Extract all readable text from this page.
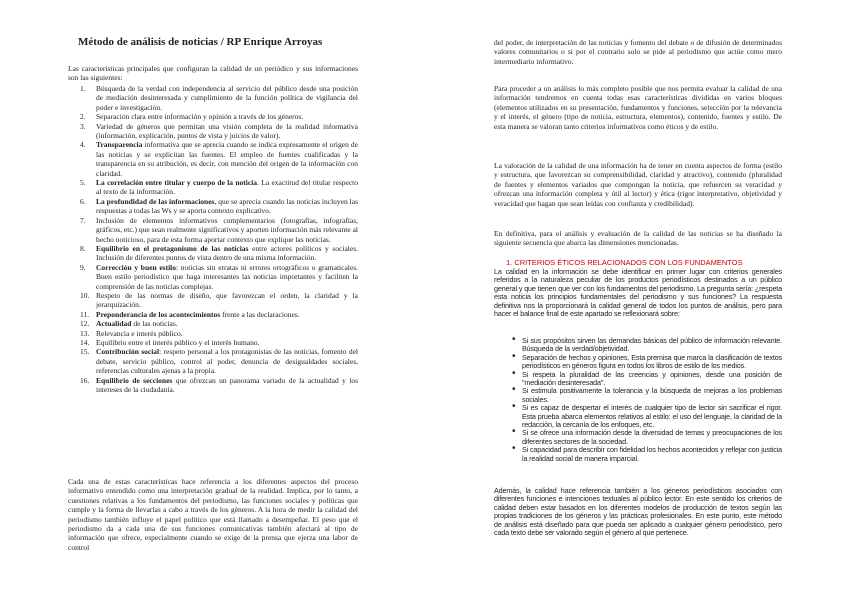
Método de análisis de noticias / RP Enrique Arroyas

Las características principales que configuran la calidad de un periódico y sus informaciones son las siguientes:

1. Búsqueda de la verdad con independencia al servicio del público desde una posición de mediación desinteresada y cumplimiento de la función política de vigilancia del poder e investigación.
2. Separación clara entre información y opinión a través de los géneros.
3. Variedad de géneros que permitan una visión completa de la realidad informativa (información, explicación, puntos de vista y juicios de valor).
4. Transparencia informativa que se aprecia cuando se indica expresamente el origen de las noticias y se explicitan las fuentes. El empleo de fuentes cualificadas y la transparencia en su atribución, es decir, con mención del origen de la información con claridad.
5. La correlación entre titular y cuerpo de la noticia. La exactitud del titular respecto al texto de la información.
6. La profundidad de las informaciones, que se aprecia cuando las noticias incluyen las respuestas a todas las Ws y se aporta contexto explicativo.
7. Inclusión de elementos informativos complementarios (fotografías, infografías, gráficos, etc.) que sean realmente significativos y aporten información más relevante al hecho noticioso, para de esta forma aportar contexto que explique las noticias.
8. Equilibrio en el protagonismo de las noticias entre actores políticos y sociales. Inclusión de diferentes puntos de vista dentro de una misma información.
9. Corrección y buen estilo: noticias sin erratas ni errores ortográficos o gramaticales. Buen estilo periodístico que haga interesantes las noticias importantes y faciliten la comprensión de las noticias complejas.
10. Respeto de las normas de diseño, que favorezcan el orden, la claridad y la jerarquización.
11. Preponderancia de los acontecimientos frente a las declaraciones.
12. Actualidad de las noticias.
13. Relevancia e interés público.
14. Equilibrio entre el interés público y el interés humano.
15. Contribución social: respeto personal a los protagonistas de las noticias, fomento del debate, servicio público, control al poder, denuncia de desigualdades sociales, referencias culturales ajenas a la propia.
16. Equilibrio de secciones que ofrezcan un panorama variado de la actualidad y los intereses de la ciudadanía.

Cada una de estas características hace referencia a los diferentes aspectos del proceso informativo entendido como una interpretación gradual de la realidad. Implica, por lo tanto, a cuestiones relativas a los fundamentos del periodismo, las funciones sociales y políticas que cumple y la forma de llevarlas a cabo a través de los géneros. A la hora de medir la calidad del periodismo también influye el papel político que está llamado a desempeñar. El peso que el periodismo da a cada una de sus funciones comunicativas también afectará al tipo de información que ofrece, especialmente cuando se exige de la prensa que ejerza una labor de control

del poder, de interpretación de las noticias y fomento del debate o de difusión de determinados valores comunitarios o si por el contrario solo se pide al periodismo que actúe como mero intermediario informativo.

Para proceder a un análisis lo más completo posible que nos permita evaluar la calidad de una información tendremos en cuenta todas esas características divididas en varios bloques (elementos utilizados en su presentación, fundamentos y funciones, selección por la relevancia y el interés, el género (tipo de noticia, estructura, elementos), contenido, fuentes y estilo. De esta manera se valoran tanto criterios informativos como éticos y de estilo.

La valoración de la calidad de una información ha de tener en cuenta aspectos de forma (estilo y estructura, que favorezcan su comprensibilidad, claridad y atractivo), contenido (pluralidad de fuentes y elementos variados que compongan la noticia, que refuercen su veracidad y ofrezcan una información completa y útil al lector) y ética (rigor interpretativo, objetividad y veracidad que hagan que sean leídas con confianza y credibilidad).

En definitiva, para el análisis y evaluación de la calidad de las noticias se ha diseñado la siguiente secuencia que abarca las dimensiones mencionadas.

1. CRITERIOS ÉTICOS RELACIONADOS CON LOS FUNDAMENTOS

La calidad en la información se debe identificar en primer lugar con criterios generales referidos a la naturaleza peculiar de los productos periodísticos destinados a un público general y que tienen que ver con los fundamentos del periodismo. La pregunta sería: ¿respeta esta noticia los principios fundamentales del periodismo y sus funciones? La respuesta definitiva nos la proporcionará la calidad general de todos los puntos de análisis, pero para hacer el balance final de este apartado se reflexionará sobre:

• Si sus propósitos sirven las demandas básicas del público de información relevante. Búsqueda de la verdad/objetividad.
• Separación de hechos y opiniones. Esta premisa que marca la clasificación de textos periodísticos en géneros figura en todos los libros de estilo de los medios.
• Si respeta la pluralidad de las creencias y opiniones, desde una posición de "mediación desinteresada".
• Si estimula positivamente la tolerancia y la búsqueda de mejoras a los problemas sociales.
• Si es capaz de despertar el interés de cualquier tipo de lector sin sacrificar el rigor. Esta prueba abarca elementos relativos al estilo: el uso del lenguaje, la claridad de la redacción, la cercanía de los enfoques, etc.
• Si se ofrece una información desde la diversidad de temas y preocupaciones de los diferentes sectores de la sociedad.
• Si capacidad para describir con fidelidad los hechos acontecidos y reflejar con justicia la realidad social de manera imparcial.

Además, la calidad hace referencia también a los géneros periodísticos asociados con diferentes funciones e intenciones textuales al público lector. En este sentido los criterios de calidad deben estar basados en los diferentes modelos de producción de textos según las propias tradiciones de los géneros y las prácticas profesionales. En este punto, este método de análisis está diseñado para que pueda ser aplicado a cualquier género periodístico, pero cada texto debe ser valorado según el género al que pertenece.
